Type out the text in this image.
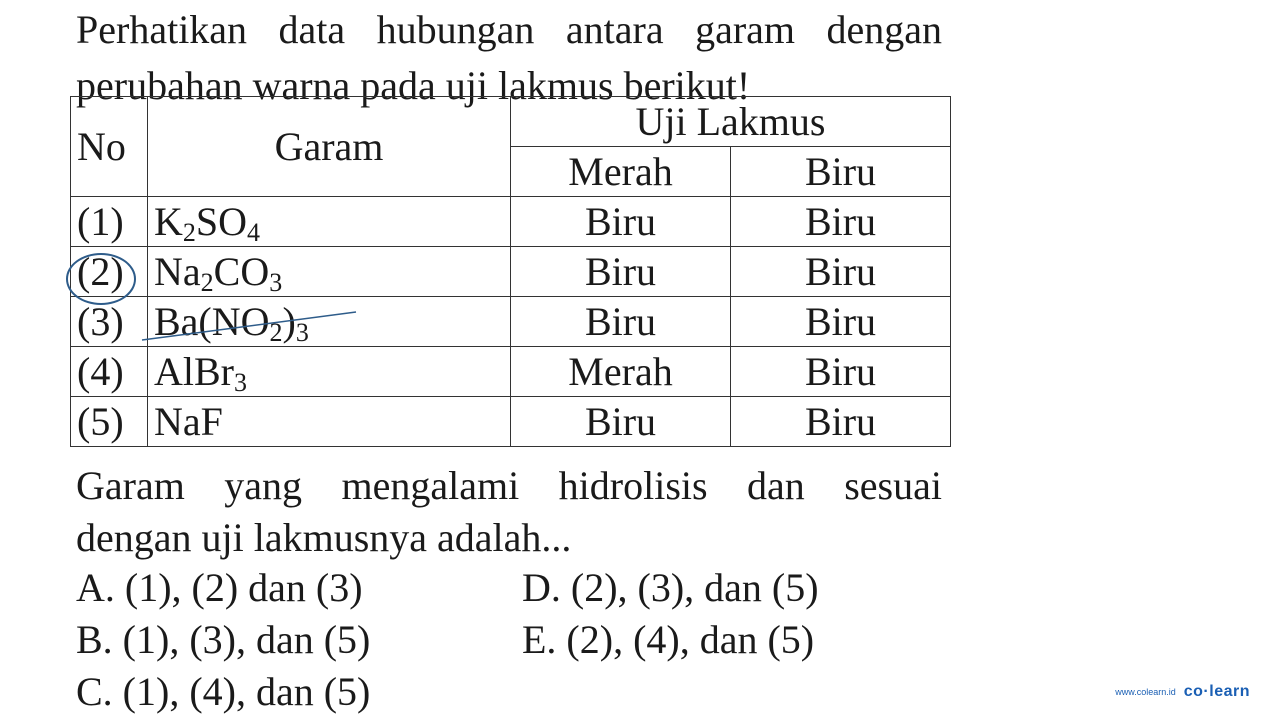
Perhatikan data hubungan antara garam dengan
perubahan warna pada uji lakmus berikut!
No	Garam	Uji Lakmus	
		Merah	Biru
(1)	$K_2SO_4$	Biru	Biru
(2)	$Na_2CO_3$	Biru	Biru
(3)	$Ba(NO_2)_3$	Biru	Biru
(4)	AlBr$_3$	Merah	Biru
(5)	NaF	Biru	Biru
Garam yang mengalami hidrolisis dan sesuai
dengan uji lakmusnya adalah...
A. (1), (2) dan (3)
B. (1), (3), dan (5)
C. (1), (4), dan (5)
D. (2), (3), dan (5)
E. (2), (4), dan (5)
www.colearn.id co·learn
